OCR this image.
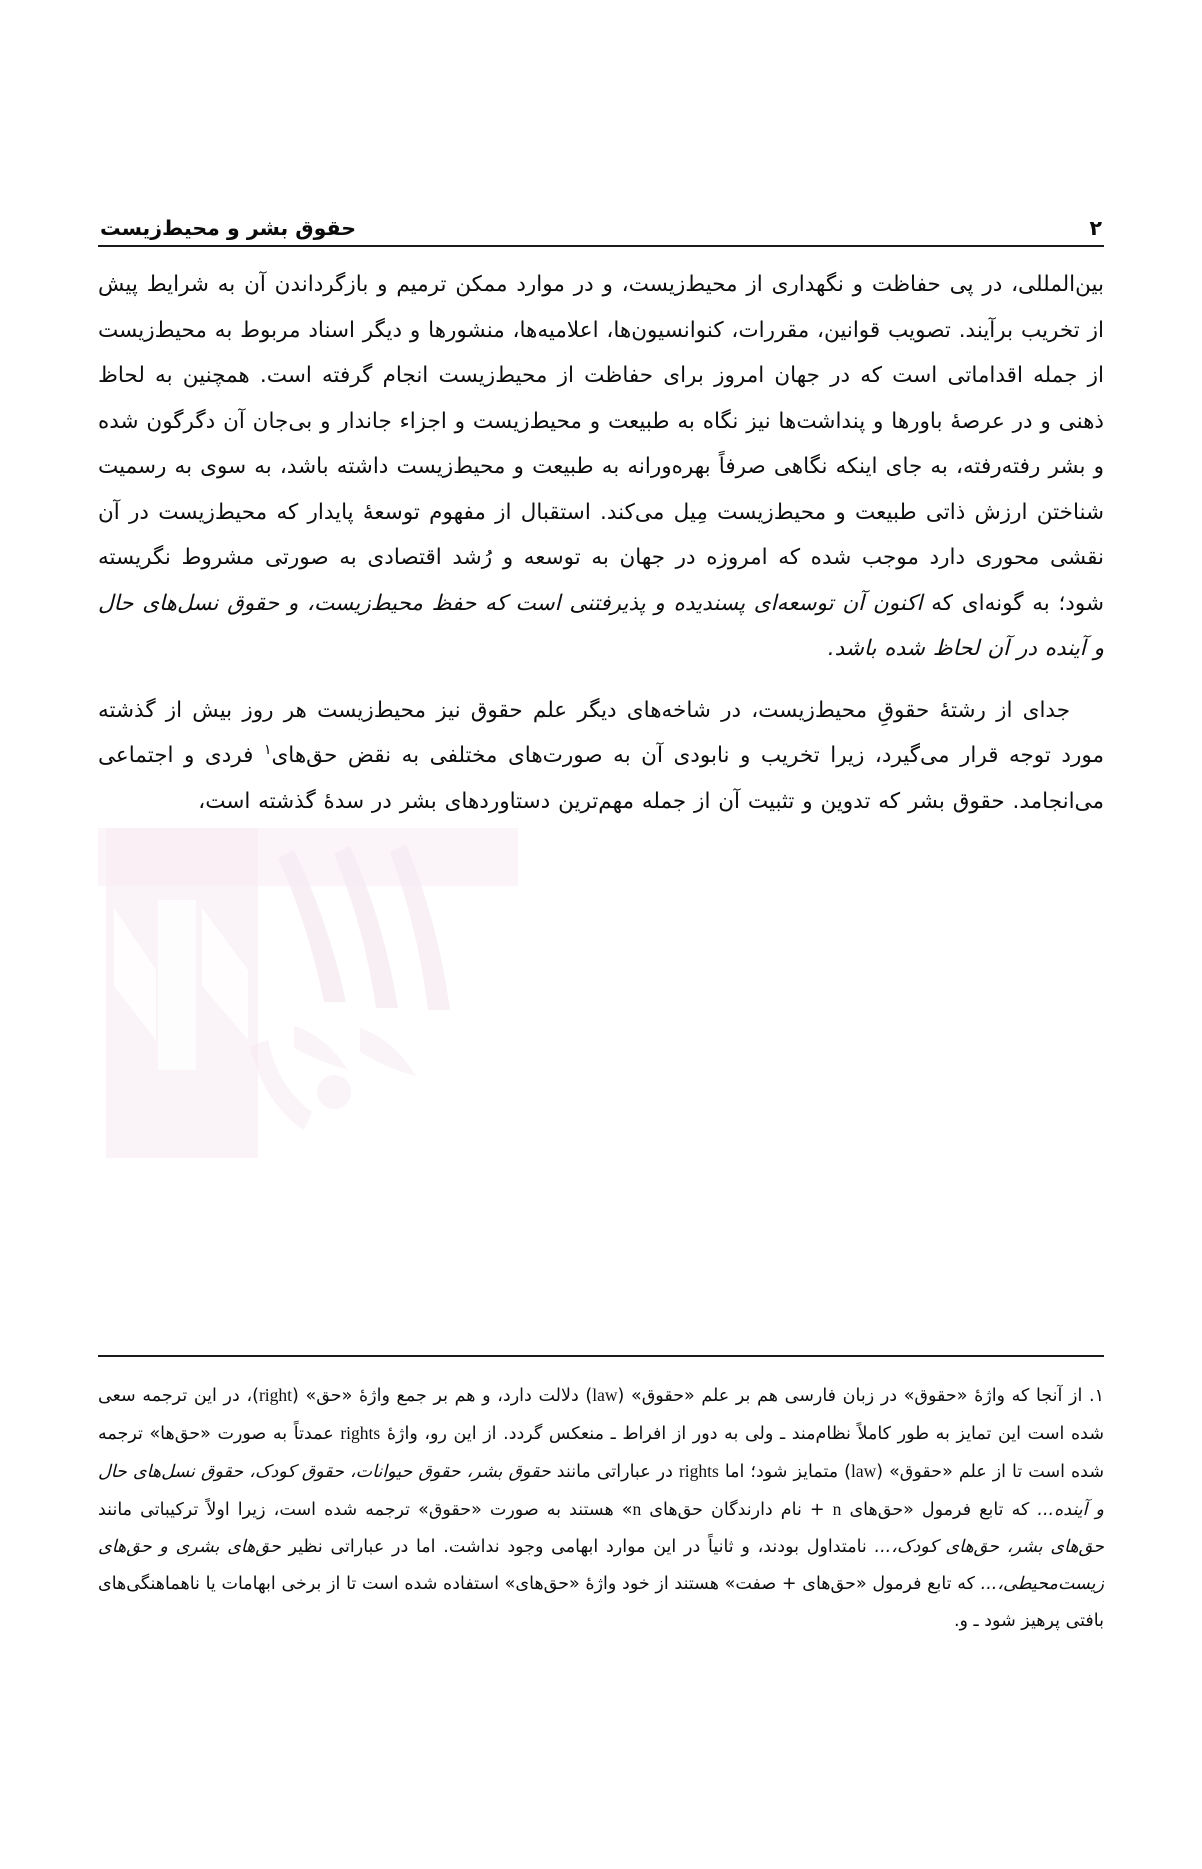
حقوق بشر و محیط‌زیست	۲

بین‌المللی، در پی حفاظت و نگهداری از محیط‌زیست، و در موارد ممکن ترمیم و بازگرداندن آن به شرایط پیش از تخریب برآیند. تصویب قوانین، مقررات، کنوانسیون‌ها، اعلامیه‌ها، منشورها و دیگر اسناد مربوط به محیط‌زیست از جمله اقداماتی است که در جهان امروز برای حفاظت از محیط‌زیست انجام گرفته است. همچنین به لحاظ ذهنی و در عرصهٔ باورها و پنداشت‌ها نیز نگاه به طبیعت و محیط‌زیست و اجزاء جاندار و بی‌جان آن دگرگون شده و بشر رفته‌رفته، به جای اینکه نگاهی صرفاً بهره‌ورانه به طبیعت و محیط‌زیست داشته باشد، به سوی به رسمیت شناختن ارزش ذاتی طبیعت و محیط‌زیست مِیل می‌کند. استقبال از مفهوم توسعهٔ پایدار که محیط‌زیست در آن نقشی محوری دارد موجب شده که امروزه در جهان به توسعه و رُشد اقتصادی به صورتی مشروط نگریسته شود؛ به گونه‌ای که اکنون آن توسعه‌ای پسندیده و پذیرفتنی است که حفظ محیط‌زیست، و حقوق نسل‌های حال و آینده در آن لحاظ شده باشد.

جدای از رشتهٔ حقوقِ محیط‌زیست، در شاخه‌های دیگر علم حقوق نیز محیط‌زیست هر روز بیش از گذشته مورد توجه قرار می‌گیرد، زیرا تخریب و نابودی آن به صورت‌های مختلفی به نقض حق‌های$^۱$ فردی و اجتماعی می‌انجامد. حقوق بشر که تدوین و تثبیت آن از جمله مهم‌ترین دستاوردهای بشر در سدهٔ گذشته است،

۱. از آنجا که واژهٔ «حقوق» در زبان فارسی هم بر علم «حقوق» (law) دلالت دارد، و هم بر جمع واژهٔ «حق» (right)، در این ترجمه سعی شده است این تمایز به طور کاملاً نظام‌مند ـ ولی به دور از افراط ـ منعکس گردد. از این رو، واژهٔ rights عمدتاً به صورت «حق‌ها» ترجمه شده است تا از علم «حقوق» (law) متمایز شود؛ اما rights در عباراتی مانند حقوق بشر، حقوق حیوانات، حقوق کودک، حقوق نسل‌های حال و آینده... که تابع فرمول «حق‌های n + نام دارندگان حق‌های n» هستند به صورت «حقوق» ترجمه شده است، زیرا اولاً ترکیباتی مانند حق‌های بشر، حق‌های کودک،... نامتداول بودند، و ثانیاً در این موارد ابهامی وجود نداشت. اما در عباراتی نظیر حق‌های بشری و حق‌های زیست‌محیطی،... که تابع فرمول «حق‌های + صفت» هستند از خود واژهٔ «حق‌های» استفاده شده است تا از برخی ابهامات یا ناهماهنگی‌های بافتی پرهیز شود ـ و.
